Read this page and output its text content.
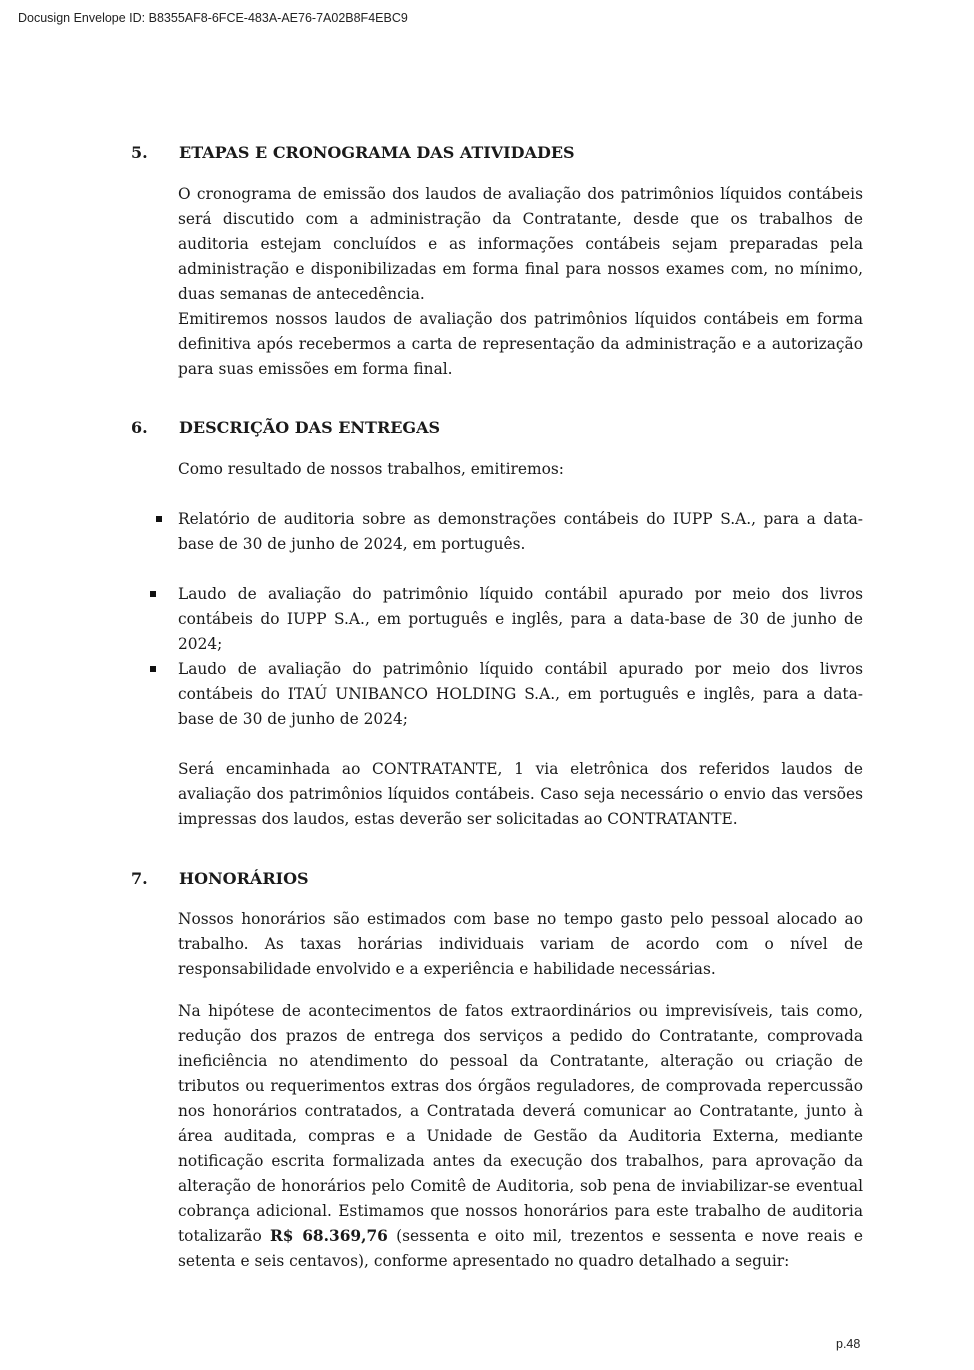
Docusign Envelope ID: B8355AF8-6FCE-483A-AE76-7A02B8F4EBC9
5. ETAPAS E CRONOGRAMA DAS ATIVIDADES
O cronograma de emissão dos laudos de avaliação dos patrimônios líquidos contábeis será discutido com a administração da Contratante, desde que os trabalhos de auditoria estejam concluídos e as informações contábeis sejam preparadas pela administração e disponibilizadas em forma final para nossos exames com, no mínimo, duas semanas de antecedência.
Emitiremos nossos laudos de avaliação dos patrimônios líquidos contábeis em forma definitiva após recebermos a carta de representação da administração e a autorização para suas emissões em forma final.
6. DESCRIÇÃO DAS ENTREGAS
Como resultado de nossos trabalhos, emitiremos:
Relatório de auditoria sobre as demonstrações contábeis do IUPP S.A., para a data-base de 30 de junho de 2024, em português.
Laudo de avaliação do patrimônio líquido contábil apurado por meio dos livros contábeis do IUPP S.A., em português e inglês, para a data-base de 30 de junho de 2024;
Laudo de avaliação do patrimônio líquido contábil apurado por meio dos livros contábeis do ITAÚ UNIBANCO HOLDING S.A., em português e inglês, para a data-base de 30 de junho de 2024;
Será encaminhada ao CONTRATANTE, 1 via eletrônica dos referidos laudos de avaliação dos patrimônios líquidos contábeis. Caso seja necessário o envio das versões impressas dos laudos, estas deverão ser solicitadas ao CONTRATANTE.
7. HONORÁRIOS
Nossos honorários são estimados com base no tempo gasto pelo pessoal alocado ao trabalho. As taxas horárias individuais variam de acordo com o nível de responsabilidade envolvido e a experiência e habilidade necessárias.
Na hipótese de acontecimentos de fatos extraordinários ou imprevisíveis, tais como, redução dos prazos de entrega dos serviços a pedido do Contratante, comprovada ineficiência no atendimento do pessoal da Contratante, alteração ou criação de tributos ou requerimentos extras dos órgãos reguladores, de comprovada repercussão nos honorários contratados, a Contratada deverá comunicar ao Contratante, junto à área auditada, compras e a Unidade de Gestão da Auditoria Externa, mediante notificação escrita formalizada antes da execução dos trabalhos, para aprovação da alteração de honorários pelo Comitê de Auditoria, sob pena de inviabilizar-se eventual cobrança adicional. Estimamos que nossos honorários para este trabalho de auditoria totalizarão R$ 68.369,76 (sessenta e oito mil, trezentos e sessenta e nove reais e setenta e seis centavos), conforme apresentado no quadro detalhado a seguir:
p.48
